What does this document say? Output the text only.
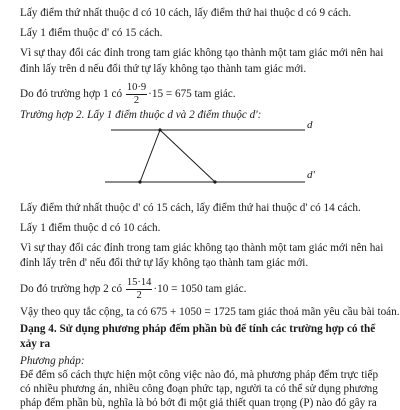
Lấy điểm thứ nhất thuộc d có 10 cách, lấy điểm thứ hai thuộc d có 9 cách.
Lấy 1 điểm thuộc d' có 15 cách.
Vì sự thay đổi các đỉnh trong tam giác không tạo thành một tam giác mới nên hai
đỉnh lấy trên d nếu đổi thứ tự lấy không tạo thành tam giác mới.
Do đó trường hợp 1 có $\frac{10\cdot 9}{2} \cdot 15 = 675$ tam giác.
Trường hợp 2. Lấy 1 điểm thuộc d và 2 điểm thuộc d':
d
d'
Lấy điểm thứ nhất thuộc d' có 15 cách, lấy điểm thứ hai thuộc d' có 14 cách.
Lấy 1 điểm thuộc d có 10 cách.
Vì sự thay đổi các đỉnh trong tam giác không tạo thành một tam giác mới nên hai
đỉnh lấy trên d' nếu đổi thứ tự lấy không tạo thành tam giác mới.
Do đó trường hợp 2 có $\frac{15\cdot 14}{2} \cdot 10 = 1050$ tam giác.
Vậy theo quy tắc cộng, ta có 675 + 1050 = 1725 tam giác thoả mãn yêu cầu bài toán.
Dạng 4. Sử dụng phương pháp đếm phần bù để tính các trường hợp có thể
xảy ra
Phương pháp:
Để đếm số cách thực hiện một công việc nào đó, mà phương pháp đếm trực tiếp
có nhiều phương án, nhiều công đoạn phức tạp, người ta có thể sử dụng phương
pháp đếm phần bù, nghĩa là bỏ bớt đi một giả thiết quan trọng (P) nào đó gây ra
